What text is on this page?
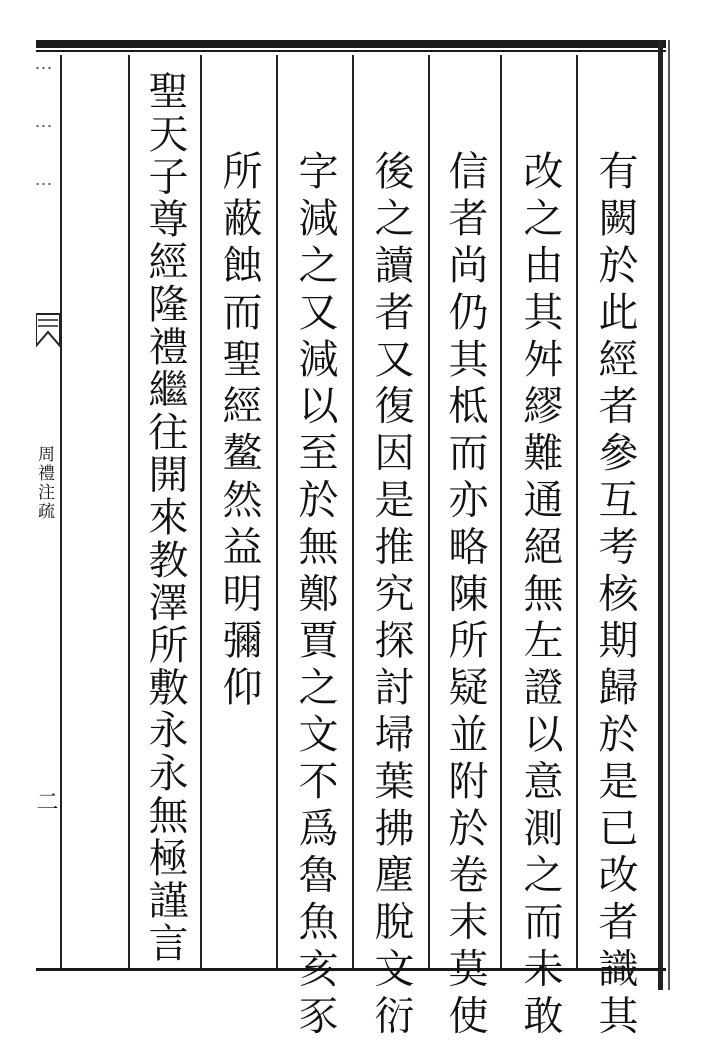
⋯ ⋯ ⋯
周禮注疏
二	有闕於此經者參互考核期歸於是已改者識其
改之由其舛繆難通絕無左證以意測之而未敢
信者尚仍其柢而亦略陳所疑並附於卷末莫使
後之讀者又復因是推究探討埽葉拂塵脫文衍
字減之又減以至於無鄭賈之文不爲魯魚亥豕
所蔽蝕而聖經鳌然益明彌仰
聖天子尊經隆禮繼往開來教澤所敷永永無極謹言
